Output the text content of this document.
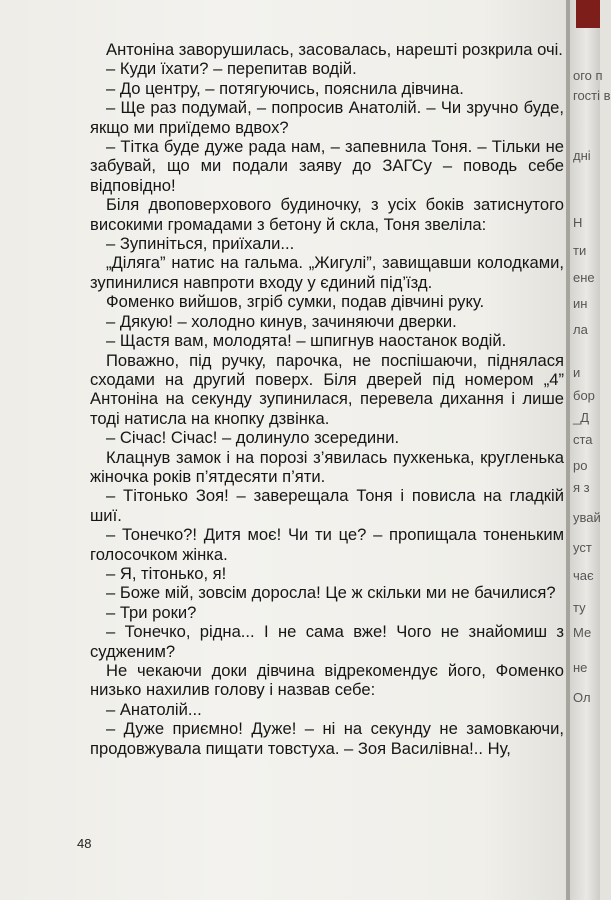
Антоніна заворушилась, засовалась, нарешті розкрила очі.

– Куди їхати? – перепитав водій.

– До центру, – потягуючись, пояснила дівчина.

– Ще раз подумай, – попросив Анатолій. – Чи зручно буде, якщо ми приїдемо вдвох?

– Тітка буде дуже рада нам, – запевнила Тоня. – Тільки не забувай, що ми подали заяву до ЗАГСу – поводь себе відповідно!

Біля двоповерхового будиночку, з усіх боків затиснутого високими громадами з бетону й скла, Тоня звеліла:

– Зупиніться, приїхали...

„Діляга” натис на гальма. „Жигулі”, завищавши колодками, зупинилися навпроти входу у єдиний під’їзд.

Фоменко вийшов, згріб сумки, подав дівчині руку.

– Дякую! – холодно кинув, зачиняючи дверки.

– Щастя вам, молодята! – шпигнув наостанок водій.

Поважно, під ручку, парочка, не поспішаючи, піднялася сходами на другий поверх. Біля дверей під номером „4” Антоніна на секунду зупинилася, перевела дихання і лише тоді натисла на кнопку дзвінка.

– Січас! Січас! – долинуло зсередини.

Клацнув замок і на порозі з’явилась пухкенька, кругленька жіночка років п’ятдесяти п’яти.

– Тітонько Зоя! – заверещала Тоня і повисла на гладкій шиї.

– Тонечко?! Дитя моє! Чи ти це? – пропищала тоненьким голосочком жінка.

– Я, тітонько, я!

– Боже мій, зовсім доросла! Це ж скільки ми не бачилися?

– Три роки?

– Тонечко, рідна... І не сама вже! Чого не знайомиш з судженим?

Не чекаючи доки дівчина відрекомендує його, Фоменко низько нахилив голову і назвав себе:

– Анатолій...

– Дуже приємно! Дуже! – ні на секунду не замовкаючи, продовжувала пищати товстуха. – Зоя Василівна!.. Ну,

48
ого п
гості в
дні
H
ти
ене
ин
ла
и
бор
_Д
ста
ро
я з
увай
уст
чає
ту
Ме
не
Ол
